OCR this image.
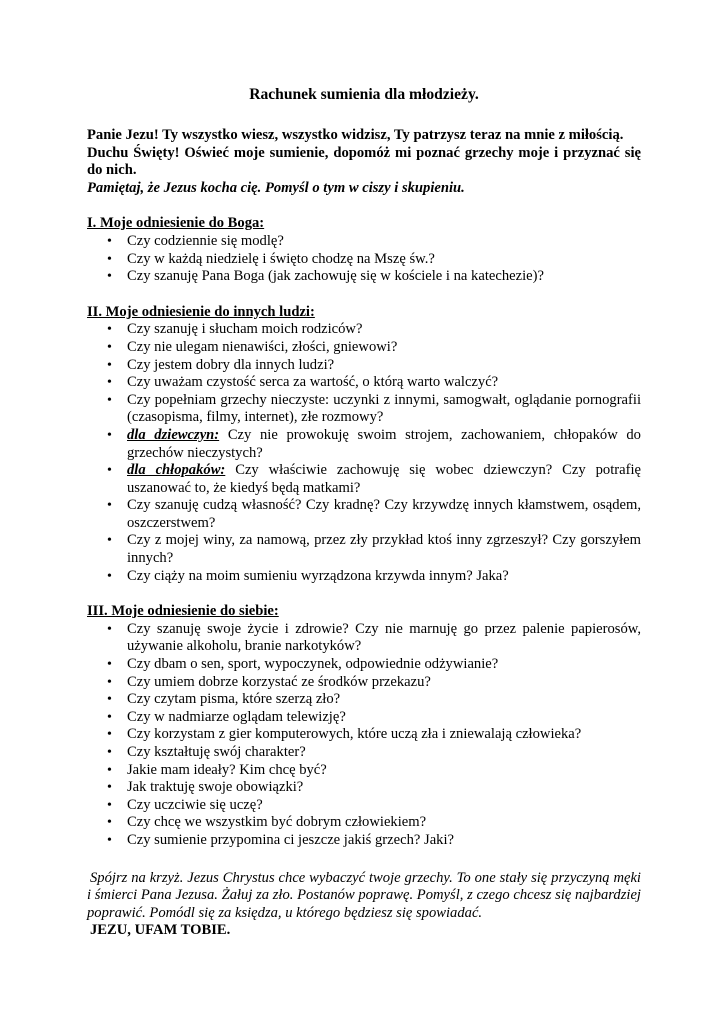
Rachunek sumienia dla młodzieży.

Panie Jezu! Ty wszystko wiesz, wszystko widzisz, Ty patrzysz teraz na mnie z miłością.

Duchu Święty! Oświeć moje sumienie, dopomóż mi poznać grzechy moje i przyznać się do nich.

Pamiętaj, że Jezus kocha cię. Pomyśl o tym w ciszy i skupieniu.

I. Moje odniesienie do Boga:

• Czy codziennie się modlę?
• Czy w każdą niedzielę i święto chodzę na Mszę św.?
• Czy szanuję Pana Boga (jak zachowuję się w kościele i na katechezie)?

II. Moje odniesienie do innych ludzi:

• Czy szanuję i słucham moich rodziców?
• Czy nie ulegam nienawiści, złości, gniewowi?
• Czy jestem dobry dla innych ludzi?
• Czy uważam czystość serca za wartość, o którą warto walczyć?
• Czy popełniam grzechy nieczyste: uczynki z innymi, samogwałt, oglądanie pornografii (czasopisma, filmy, internet), złe rozmowy?
• dla dziewczyn: Czy nie prowokuję swoim strojem, zachowaniem, chłopaków do grzechów nieczystych?
• dla chłopaków: Czy właściwie zachowuję się wobec dziewczyn? Czy potrafię uszanować to, że kiedyś będą matkami?
• Czy szanuję cudzą własność? Czy kradnę? Czy krzywdzę innych kłamstwem, osądem, oszczerstwem?
• Czy z mojej winy, za namową, przez zły przykład ktoś inny zgrzeszył? Czy gorszyłem innych?
• Czy ciąży na moim sumieniu wyrządzona krzywda innym? Jaka?

III. Moje odniesienie do siebie:

• Czy szanuję swoje życie i zdrowie? Czy nie marnuję go przez palenie papierosów, używanie alkoholu, branie narkotyków?
• Czy dbam o sen, sport, wypoczynek, odpowiednie odżywianie?
• Czy umiem dobrze korzystać ze środków przekazu?
• Czy czytam pisma, które szerzą zło?
• Czy w nadmiarze oglądam telewizję?
• Czy korzystam z gier komputerowych, które uczą zła i zniewalają człowieka?
• Czy kształtuję swój charakter?
• Jakie mam ideały? Kim chcę być?
• Jak traktuję swoje obowiązki?
• Czy uczciwie się uczę?
• Czy chcę we wszystkim być dobrym człowiekiem?
• Czy sumienie przypomina ci jeszcze jakiś grzech? Jaki?

Spójrz na krzyż. Jezus Chrystus chce wybaczyć twoje grzechy. To one stały się przyczyną męki i śmierci Pana Jezusa. Żałuj za zło. Postanów poprawę. Pomyśl, z czego chcesz się najbardziej poprawić. Pomódl się za księdza, u którego będziesz się spowiadać.

JEZU, UFAM TOBIE.
